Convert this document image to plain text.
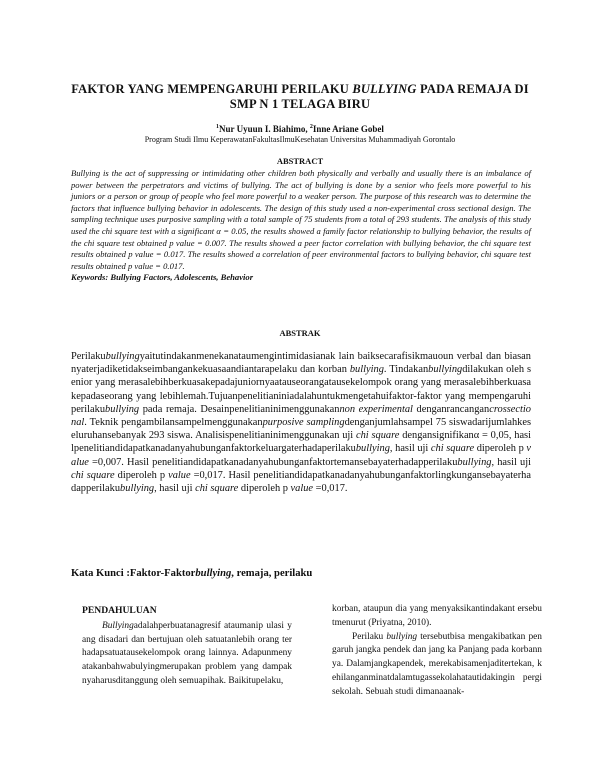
FAKTOR YANG MEMPENGARUHI PERILAKU BULLYING PADA REMAJA DI SMP N 1 TELAGA BIRU
$^1$Nur Uyuun I. Biahimo, $^2$Inne Ariane Gobel
Program Studi Ilmu KeperawatanFakultasIlmuKesehatan Universitas Muhammadiyah Gorontalo
ABSTRACT
Bullying is the act of suppressing or intimidating other children both physically and verbally and usually there is an imbalance of power between the perpetrators and victims of bullying. The act of bullying is done by a senior who feels more powerful to his juniors or a person or group of people who feel more powerful to a weaker person. The purpose of this research was to determine the factors that influence bullying behavior in adolescents. The design of this study used a non-experimental cross sectional design. The sampling technique uses purposive sampling with a total sample of 75 students from a total of 293 students. The analysis of this study used the chi square test with a significant α = 0.05, the results showed a family factor relationship to bullying behavior, the results of the chi square test obtained p value = 0.007. The results showed a peer factor correlation with bullying behavior, the chi square test results obtained p value = 0.017. The results showed a correlation of peer environmental factors to bullying behavior, chi square test results obtained p value = 0.017.
Keywords: Bullying Factors, Adolescents, Behavior
ABSTRAK
Perilakubullyingyaitutindakanmenekanataumengintimidasianak lain baiksecarafisikmauoun verbal dan biasannyaterjadiketidakseimbangankekuasaandiantarapelaku dan korban bullying. Tindakanbullyingdilakukan oleh senior yang merasalebihberkuasakepadajuniornyaatauseorangatausekelompok orang yang merasalebihberkuasakepadaseorang yang lebihlemah.Tujuanpenelitianiniadalahuntukmengetahuifaktor-faktor yang mempengaruhiperilakubullying pada remaja. Desainpenelitianinimenggunakannon experimental denganrancangancrossectional. Teknik pengambilansampelmenggunakanpurposive samplingdenganjumlahsampel 75 siswadarijumlahkeseluruhansebanyak 293 siswa. Analisispenelitianinimenggunakan uji chi square dengansignifikanα = 0,05, hasilpenelitiandidapatkanadanyahubunganfaktorkeluargaterhadaperilakubullying, hasil uji chi square diperoleh p value =0,007. Hasil penelitiandidapatkanadanyahubunganfaktortemansebayaterhadapperilakubullying, hasil uji chi square diperoleh p value =0,017. Hasil penelitiandidapatkanadanyahubunganfaktorlingkungansebayaterhadapperilakubullying, hasil uji chi square diperoleh p value =0,017.
Kata Kunci :Faktor-Faktorbullying, remaja, perilaku
PENDAHULUAN

Bullyingadalahperbuatanagresif ataumanip ulasi yang disadari dan bertujuan oleh satuatanlebih orang terhadapsatuatausekelompok orang lainnya. Adapunmenyatakanbahwabulyingmerupakan problem yang dampaknyaharusditanggung oleh semuapihak. Baikitupelaku,

korban, ataupun dia yang menyaksikantindakant ersebutmenurut (Priyatna, 2010).

Perilaku bullying tersebutbisa mengakibatkan pengaruh jangka pendek dan jang ka Panjang pada korbannya. Dalamjangkapendek, merekabisamenjaditertekan, kehilanganminatdalamtugassekolahatautidakingin pergi sekolah. Sebuah studi dimanaanak-
